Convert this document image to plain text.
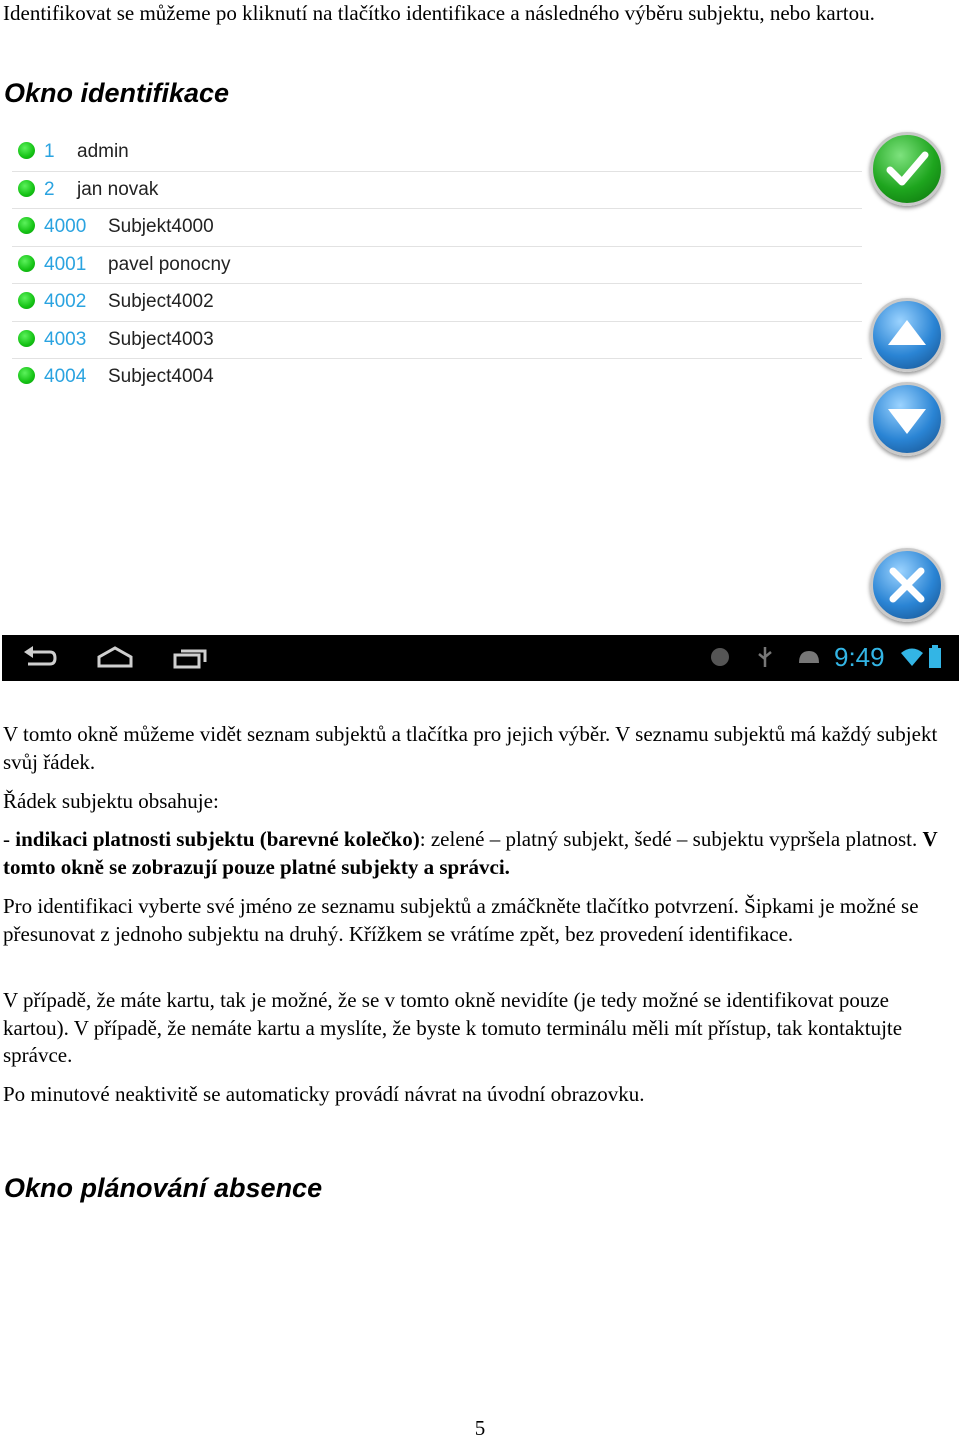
Identifikovat se můžeme po kliknutí na tlačítko identifikace a následného výběru subjektu, nebo kartou.
Okno identifikace
1 admin
2 jan novak
4000 Subjekt4000
4001 pavel ponocny
4002 Subject4002
4003 Subject4003
4004 Subject4004
9:49
V tomto okně můžeme vidět seznam subjektů a tlačítka pro jejich výběr. V seznamu subjektů má každý subjekt svůj řádek.
Řádek subjektu obsahuje:
- indikaci platnosti subjektu (barevné kolečko): zelené – platný subjekt, šedé – subjektu vypršela platnost. V tomto okně se zobrazují pouze platné subjekty a správci.
Pro identifikaci vyberte své jméno ze seznamu subjektů a zmáčkněte tlačítko potvrzení. Šipkami je možné se přesunovat z jednoho subjektu na druhý. Křížkem se vrátíme zpět, bez provedení identifikace.
V případě, že máte kartu, tak je možné, že se v tomto okně nevidíte (je tedy možné se identifikovat pouze kartou). V případě, že nemáte kartu a myslíte, že byste k tomuto terminálu měli mít přístup, tak kontaktujte správce.
Po minutové neaktivitě se automaticky provádí návrat na úvodní obrazovku.
Okno plánování absence
5
